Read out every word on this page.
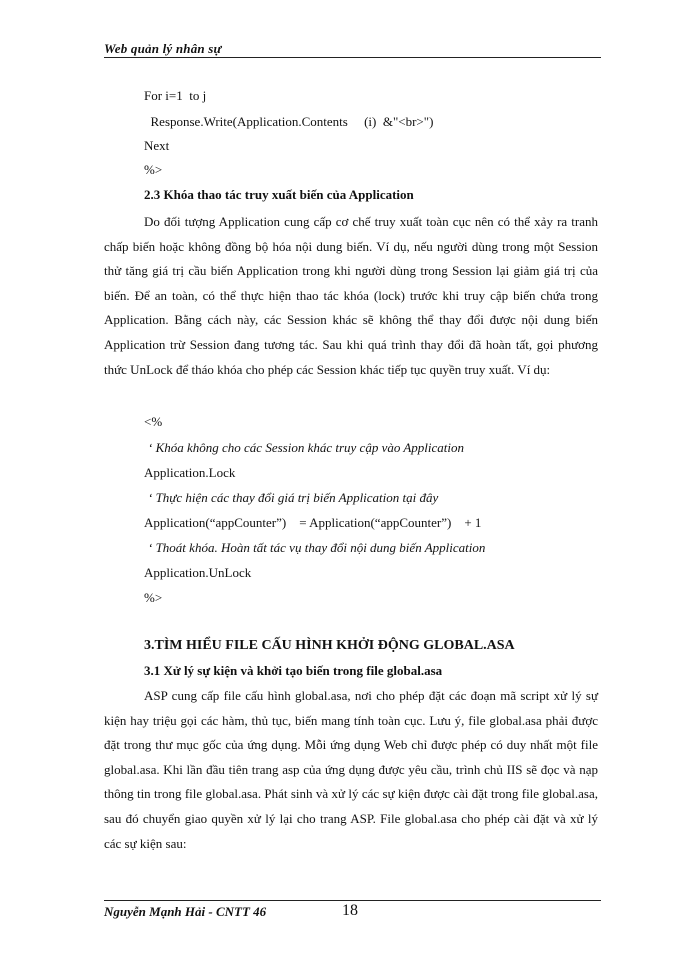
Web quản lý nhân sự
For i=1  to j
Response.Write(Application.Contents     (i)  &"<br>")
Next
%>
2.3 Khóa thao tác truy xuất biến của Application

Do đối tượng Application cung cấp cơ chế truy xuất toàn cục nên có thể xảy ra tranh chấp biến hoặc không đồng bộ hóa nội dung biến. Ví dụ, nếu người dùng trong một Session thử tăng giá trị cầu biến Application trong khi người dùng trong Session lại giảm giá trị của biến. Để an toàn, có thể thực hiện thao tác khóa (lock) trước khi truy cập biến chứa trong Application. Bằng cách này, các Session khác sẽ không thể thay đổi được nội dung biến Application trừ Session đang tương tác. Sau khi quá trình thay đổi đã hoàn tất, gọi phương thức UnLock để tháo khóa cho phép các Session khác tiếp tục quyền truy xuất. Ví dụ:

<%
‘ Khóa không cho các Session khác truy cập vào Application
Application.Lock
‘ Thực hiện các thay đổi giá trị biến Application tại đây
Application(“appCounter”)    = Application(“appCounter”)    + 1
‘ Thoát khóa. Hoàn tất tác vụ thay đổi nội dung biến Application
Application.UnLock
%>
3.TÌM HIỂU FILE CẤU HÌNH KHỞI ĐỘNG GLOBAL.ASA
3.1 Xử lý sự kiện và khởi tạo biến trong file global.asa

ASP cung cấp file cấu hình global.asa, nơi cho phép đặt các đoạn mã script xử lý sự kiện hay triệu gọi các hàm, thủ tục, biến mang tính toàn cục. Lưu ý, file global.asa phải được đặt trong thư mục gốc của ứng dụng. Mỗi ứng dụng Web chỉ được phép có duy nhất một file global.asa. Khi lần đầu tiên trang asp của ứng dụng được yêu cầu, trình chủ IIS sẽ đọc và nạp thông tin trong file global.asa. Phát sinh và xử lý các sự kiện được cài đặt trong file global.asa, sau đó chuyển giao quyền xử lý lại cho trang ASP. File global.asa cho phép cài đặt và xử lý các sự kiện sau:

Nguyễn Mạnh Hải - CNTT 46	18
